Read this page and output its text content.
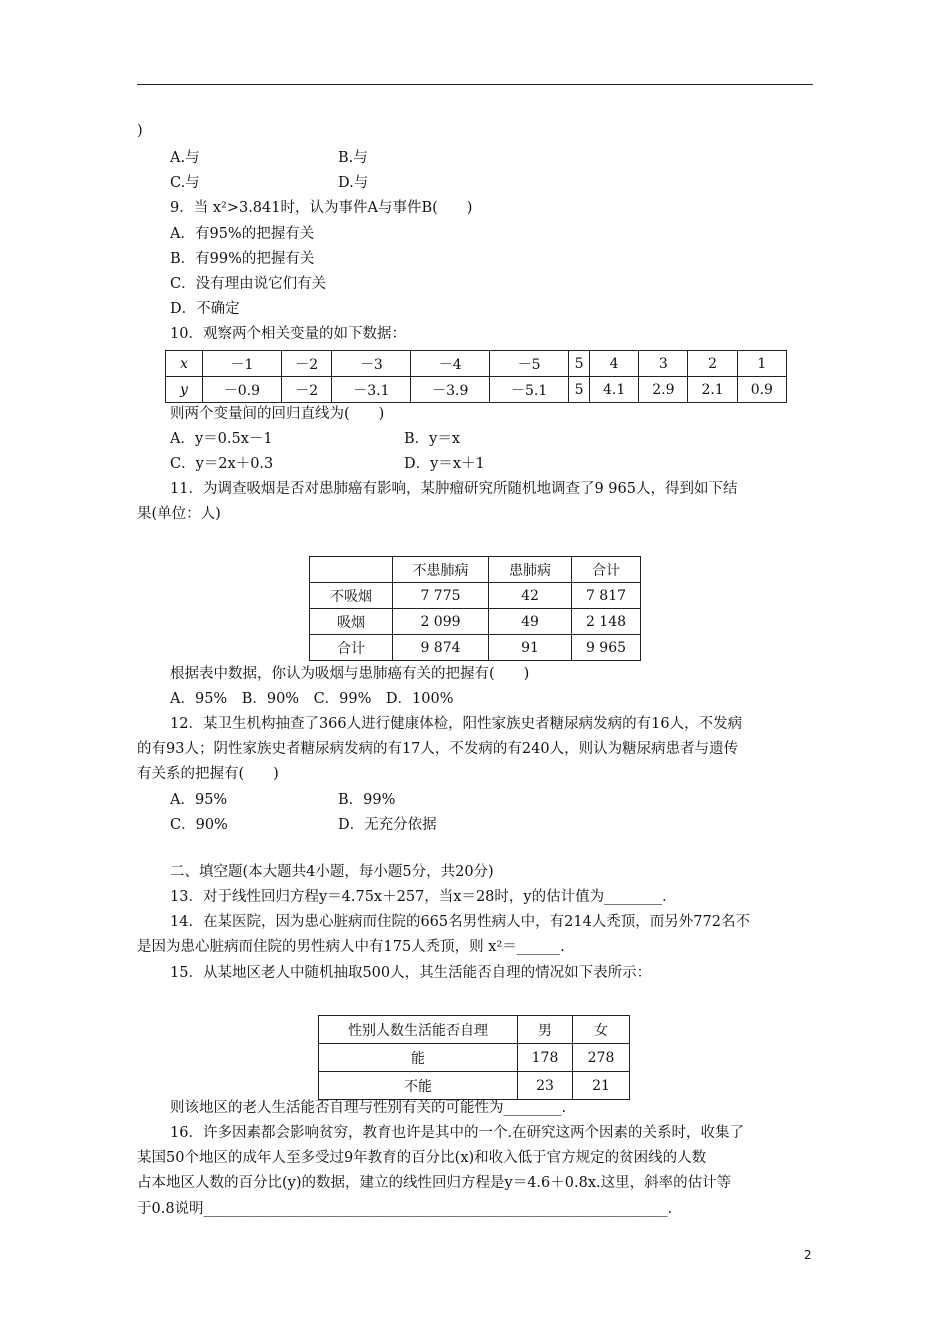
)
A.与	B.与
C.与	D.与
9．当 x²>3.841时，认为事件A与事件B(　　)
A．有95%的把握有关
B．有99%的把握有关
C．没有理由说它们有关
D．不确定
10．观察两个相关变量的如下数据：
x	－1	－2	－3	－4	－5	5	4	3	2	1
y	－0.9	－2	－3.1	－3.9	－5.1	5	4.1	2.9	2.1	0.9
则两个变量间的回归直线为(　　)
A．y＝0.5x－1	B．y＝x
C．y＝2x＋0.3	D．y＝x＋1
11．为调查吸烟是否对患肺癌有影响，某肿瘤研究所随机地调查了9 965人，得到如下结
果(单位：人)
	不患肺病	患肺病	合计
不吸烟	7 775	42	7 817
吸烟	2 099	49	2 148
合计	9 874	91	9 965
根据表中数据，你认为吸烟与患肺癌有关的把握有(　　)
A．95%　B．90%　C．99%　D．100%
12．某卫生机构抽查了366人进行健康体检，阳性家族史者糖尿病发病的有16人，不发病
的有93人；阴性家族史者糖尿病发病的有17人，不发病的有240人，则认为糖尿病患者与遗传
有关系的把握有(　　)
A．95%	B．99%
C．90%	D．无充分依据
二、填空题(本大题共4小题，每小题5分，共20分)
13．对于线性回归方程y＝4.75x＋257，当x＝28时，y的估计值为________．
14．在某医院，因为患心脏病而住院的665名男性病人中，有214人秃顶，而另外772名不
是因为患心脏病而住院的男性病人中有175人秃顶，则 x²＝______.
15．从某地区老人中随机抽取500人，其生活能否自理的情况如下表所示：
性别人数生活能否自理	男	女
能	178	278
不能	23	21
则该地区的老人生活能否自理与性别有关的可能性为________.
16．许多因素都会影响贫穷，教育也许是其中的一个.在研究这两个因素的关系时，收集了
某国50个地区的成年人至多受过9年教育的百分比(x)和收入低于官方规定的贫困线的人数
占本地区人数的百分比(y)的数据，建立的线性回归方程是y＝4.6＋0.8x.这里，斜率的估计等
于0.8说明________________________________________________________________.
2
